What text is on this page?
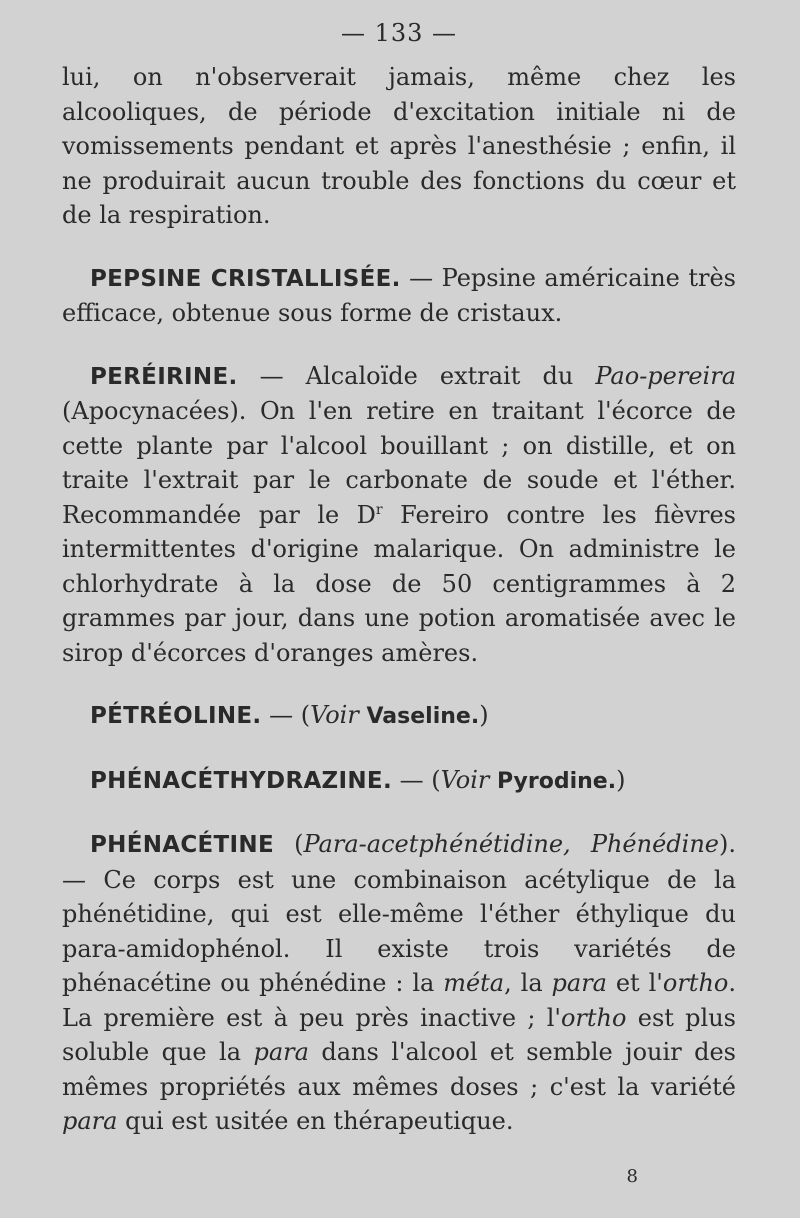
— 133 —

lui, on n'observerait jamais, même chez les alcooliques, de période d'excitation initiale ni de vomissements pendant et après l'anesthésie ; enfin, il ne produirait aucun trouble des fonctions du cœur et de la respiration.

PEPSINE CRISTALLISÉE. — Pepsine américaine très efficace, obtenue sous forme de cristaux.

PERÉIRINE. — Alcaloïde extrait du Pao-pereira (Apocynacées). On l'en retire en traitant l'écorce de cette plante par l'alcool bouillant ; on distille, et on traite l'extrait par le carbonate de soude et l'éther. Recommandée par le $D^r$ Fereiro contre les fièvres intermittentes d'origine malarique. On administre le chlorhydrate à la dose de 50 centigrammes à 2 grammes par jour, dans une potion aromatisée avec le sirop d'écorces d'oranges amères.

PÉTRÉOLINE. — (Voir Vaseline.)

PHÉNACÉTHYDRAZINE. — (Voir Pyrodine.)

PHÉNACÉTINE (Para-acetphénétidine, Phénédine). — Ce corps est une combinaison acétylique de la phénétidine, qui est elle-même l'éther éthylique du para-amidophénol. Il existe trois variétés de phénacétine ou phénédine : la méta, la para et l'ortho. La première est à peu près inactive ; l'ortho est plus soluble que la para dans l'alcool et semble jouir des mêmes propriétés aux mêmes doses ; c'est la variété para qui est usitée en thérapeutique.

8
